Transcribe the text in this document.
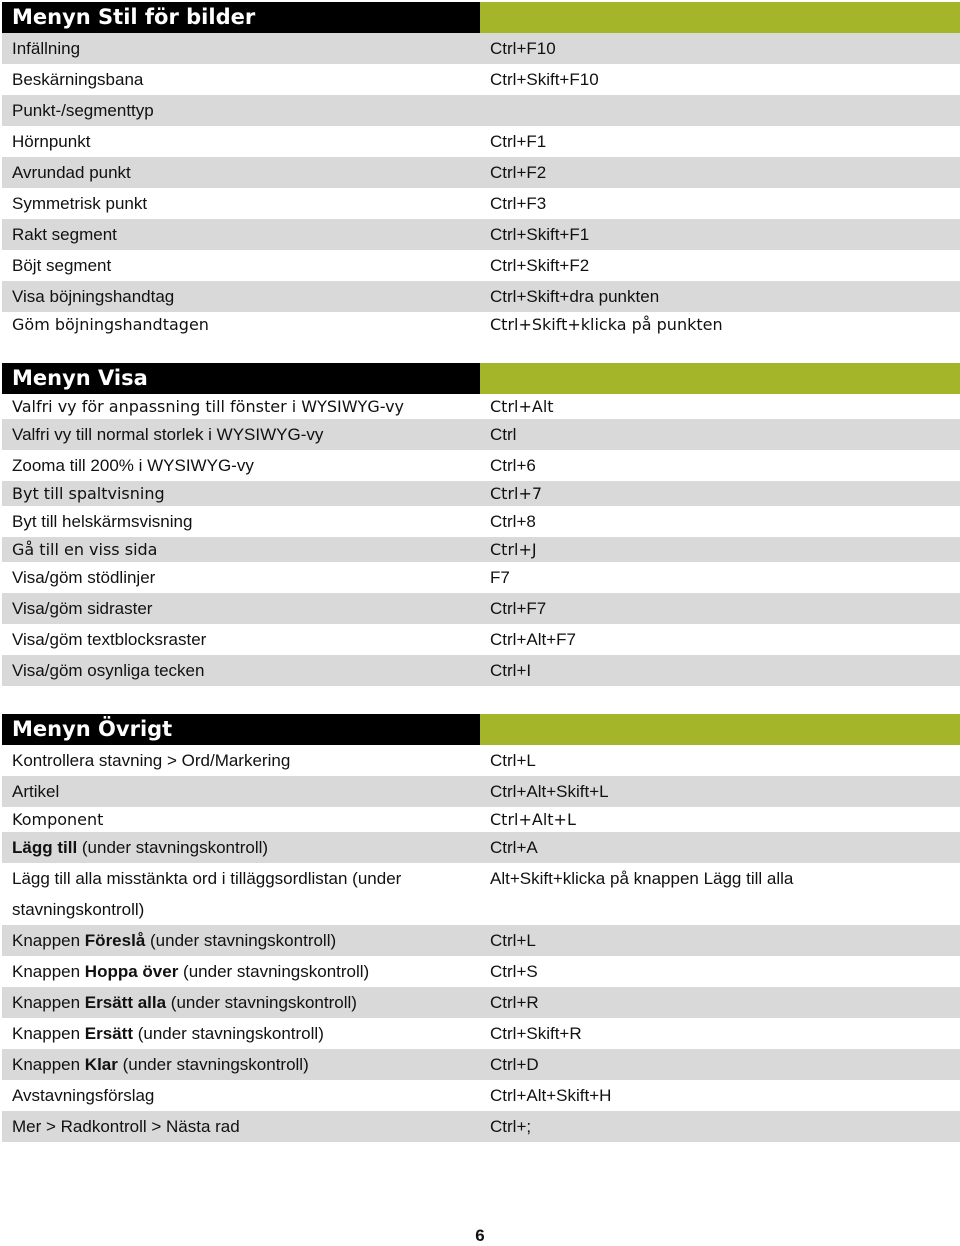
Menyn Stil för bilder
Infällning	Ctrl+F10
Beskärningsbana	Ctrl+Skift+F10
Punkt-/segmenttyp
Hörnpunkt	Ctrl+F1
Avrundad punkt	Ctrl+F2
Symmetrisk punkt	Ctrl+F3
Rakt segment	Ctrl+Skift+F1
Böjt segment	Ctrl+Skift+F2
Visa böjningshandtag	Ctrl+Skift+dra punkten
Göm böjningshandtagen	Ctrl+Skift+klicka på punkten
Menyn Visa
Valfri vy för anpassning till fönster i WYSIWYG-vy	Ctrl+Alt
Valfri vy till normal storlek i WYSIWYG-vy	Ctrl
Zooma till 200% i WYSIWYG-vy	Ctrl+6
Byt till spaltvisning	Ctrl+7
Byt till helskärmsvisning	Ctrl+8
Gå till en viss sida	Ctrl+J
Visa/göm stödlinjer	F7
Visa/göm sidraster	Ctrl+F7
Visa/göm textblocksraster	Ctrl+Alt+F7
Visa/göm osynliga tecken	Ctrl+I
Menyn Övrigt
Kontrollera stavning > Ord/Markering	Ctrl+L
Artikel	Ctrl+Alt+Skift+L
Komponent	Ctrl+Alt+L
Lägg till (under stavningskontroll)	Ctrl+A
Lägg till alla misstänkta ord i tilläggsordlistan (under	Alt+Skift+klicka på knappen Lägg till alla
stavningskontroll)
Knappen Föreslå (under stavningskontroll)	Ctrl+L
Knappen Hoppa över (under stavningskontroll)	Ctrl+S
Knappen Ersätt alla (under stavningskontroll)	Ctrl+R
Knappen Ersätt (under stavningskontroll)	Ctrl+Skift+R
Knappen Klar (under stavningskontroll)	Ctrl+D
Avstavningsförslag	Ctrl+Alt+Skift+H
Mer > Radkontroll > Nästa rad	Ctrl+;
6
